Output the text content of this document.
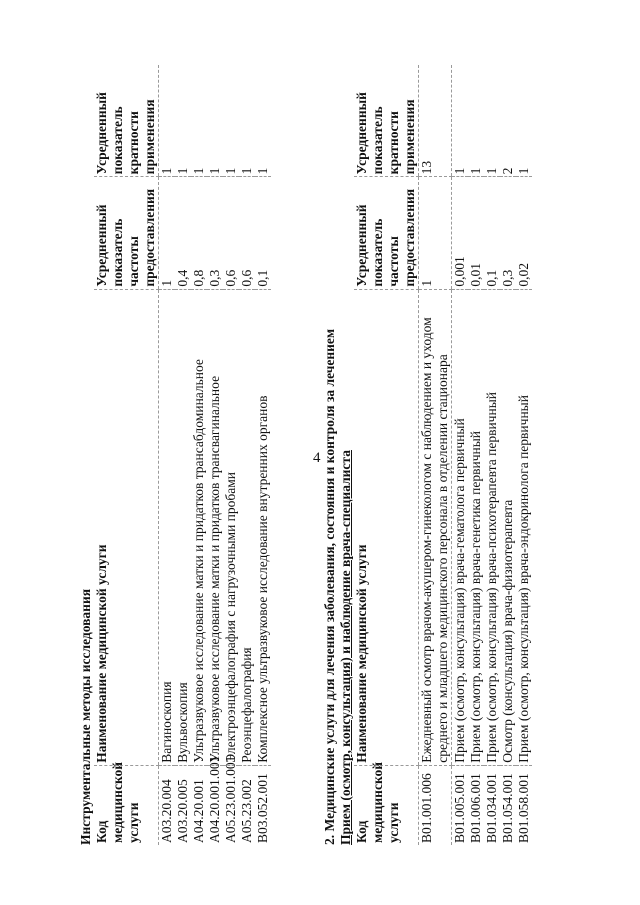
4
Инструментальные методы исследования Код медицинской услуги	Наименование медицинской услуги	Усредненный показатель частоты предоставления	Усредненный показатель кратности применения
A03.20.004	Вагиноскопия	1	1
A03.20.005	Вульвоскопия	0,4	1
A04.20.001	Ультразвуковое исследование матки и придатков трансабдоминальное	0,8	1
A04.20.001.001	Ультразвуковое исследование матки и придатков трансвагинальное	0,3	1
A05.23.001.001	Электроэнцефалография с нагрузочными пробами	0,6	1
A05.23.002	Реоэнцефалография	0,6	1
B03.052.001	Комплексное ультразвуковое исследование внутренних органов	0,1	1
2. Медицинские услуги для лечения заболевания, состояния и контроля за лечением Прием (осмотр, консультация) и наблюдение врача-специалиста Код медицинской услуги	Наименование медицинской услуги	Усредненный показатель частоты предоставления	Усредненный показатель кратности применения
B01.001.006	Ежедневный осмотр врачом-акушером-гинекологом с наблюдением и уходом среднего и младшего медицинского персонала в отделении стационара	1	13
B01.005.001	Прием (осмотр, консультация) врача-гематолога первичный	0,001	1
B01.006.001	Прием (осмотр, консультация) врача-генетика первичный	0,01	1
B01.034.001	Прием (осмотр, консультация) врача-психотерапевта первичный	0,1	1
B01.054.001	Осмотр (консультация) врача-физиотерапевта	0,3	2
B01.058.001	Прием (осмотр, консультация) врача-эндокринолога первичный	0,02	1
